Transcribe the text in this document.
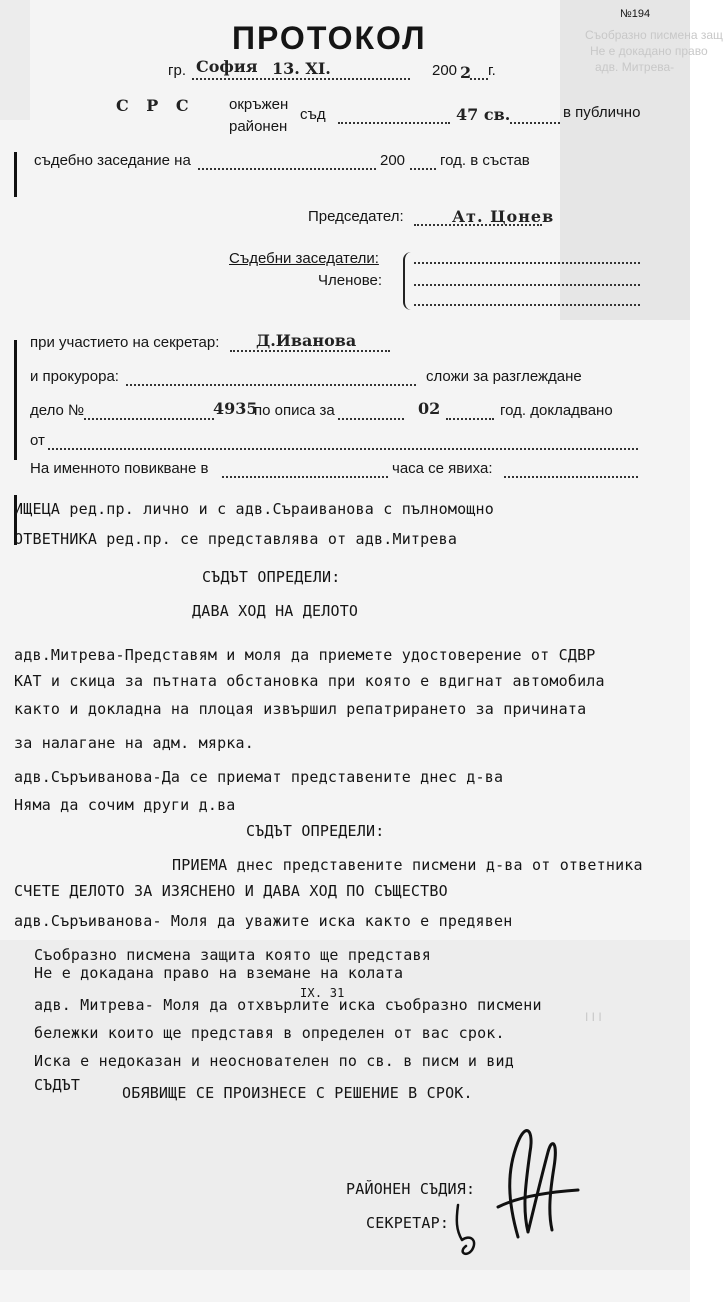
Съобразно писмена защ
Не е докадано право
адв. Митрева-
І І І
№194
ПРОТОКОЛ
гр. София 13. XI.	200 2 г.
С Р С окръжен
съд
районен
47 св.	в публично
съдебно заседание на	200 год. в състав
Председател:	Ат. Цонев
Съдебни заседатели:
Членове:
при участието на секретар: Д.Иванова
и прокурора:	сложи за разглеждане
дело №	4935
по описа за	02	год. докладвано
от
На именното повикване в	часа се явиха:
ИЩЕЦА ред.пр. лично и с адв.Съраиванова с пълномощно
ОТВЕТНИКА ред.пр. се представлява от адв.Митрева
СЪДЪТ ОПРЕДЕЛИ:
ДАВА ХОД НА ДЕЛОТО
адв.Митрева-Представям и моля да приемете удостоверение от СДВР
КАТ и скица за пътната обстановка при която е вдигнат автомобила
както и докладна на плоцая извършил репатрирането за причината
за налагане на адм. мярка.
адв.Съръиванова-Да се приемат представените днес д-ва
Няма да сочим други д.ва
СЪДЪТ ОПРЕДЕЛИ:
ПРИЕМА днес представените писмени д-ва от ответника
СЧЕТЕ ДЕЛОТО ЗА ИЗЯСНЕНО И ДАВА ХОД ПО СЪЩЕСТВО
адв.Съръиванова- Моля да уважите иска както е предявен
Съобразно писмена защита която ще представя
Не е докадана право на вземане на колата
IX. 31
адв. Митрева- Моля да отхвърлите иска съобразно писмени
бележки които ще представя в определен от вас срок.
Иска е недоказан и неоснователен по св. в писм и вид
СЪДЪТ	ОБЯВИЩЕ СЕ ПРОИЗНЕСЕ С РЕШЕНИЕ В СРОК.
РАЙОНЕН СЪДИЯ:
СЕКРЕТАР:
